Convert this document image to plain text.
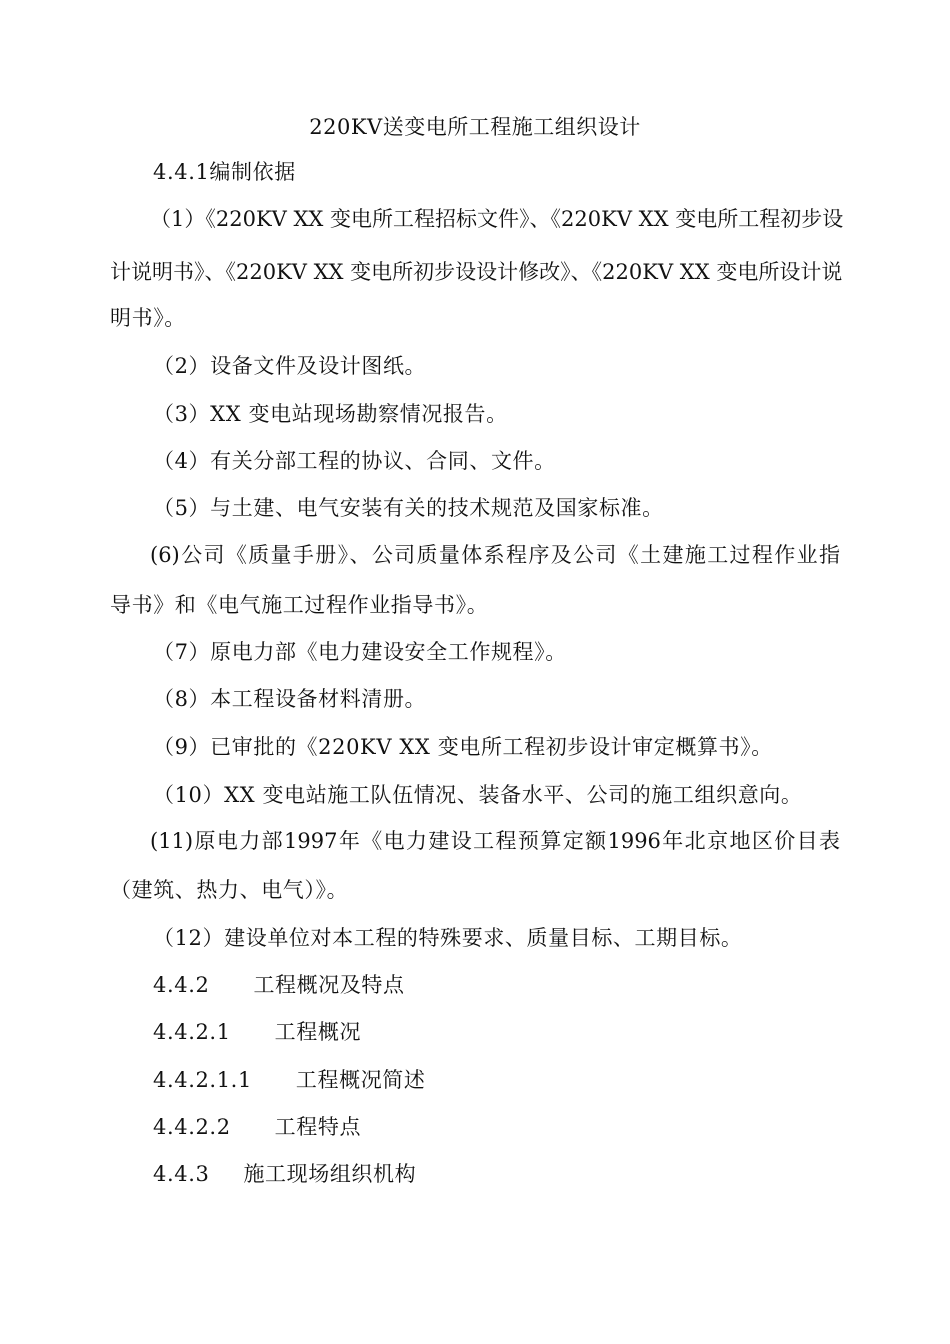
220KV送变电所工程施工组织设计
4.4.1编制依据
（1）《220KV XX 变电所工程招标文件》、《220KV XX 变电所工程初步设
计说明书》、《220KV XX 变电所初步设设计修改》、《220KV XX 变电所设计说
明书》。
（2）设备文件及设计图纸。
（3）XX 变电站现场勘察情况报告。
（4）有关分部工程的协议、合同、文件。
（5）与土建、电气安装有关的技术规范及国家标准。
(6)公司《质量手册》、公司质量体系程序及公司《土建施工过程作业指
导书》和《电气施工过程作业指导书》。
（7）原电力部《电力建设安全工作规程》。
（8）本工程设备材料清册。
（9）已审批的《220KV XX 变电所工程初步设计审定概算书》。
（10）XX 变电站施工队伍情况、装备水平、公司的施工组织意向。
(11)原电力部1997年《电力建设工程预算定额1996年北京地区价目表
（建筑、热力、电气）》。
（12）建设单位对本工程的特殊要求、质量目标、工期目标。
4.4.2 工程概况及特点
4.4.2.1 工程概况
4.4.2.1.1 工程概况简述
4.4.2.2 工程特点
4.4.3 施工现场组织机构
